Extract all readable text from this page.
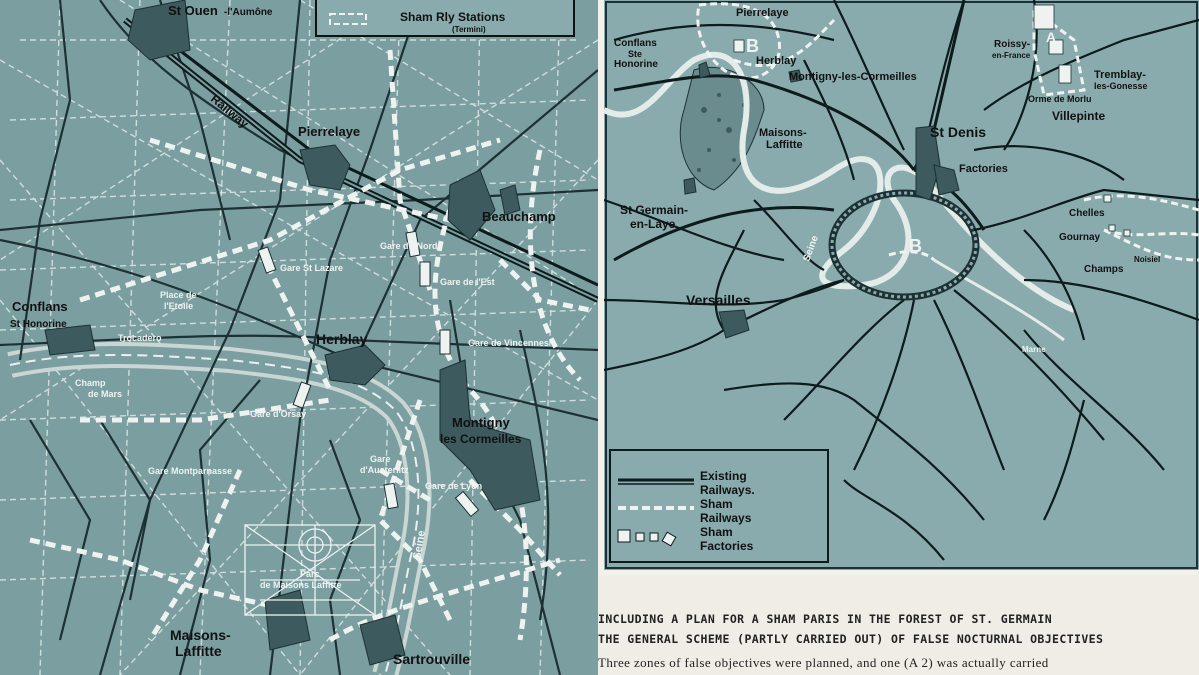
Railway
Sham Rly Stations
(Termini)
St Ouen -l'Aumône
Pierrelaye
Beauchamp
Conflans
St Honorine
Herblay
Montigny
les Cormeilles
Gare de Vincennes
Gare de Lyon
Gare
d'Austerlitz
Gare Montparnasse
Gare d'Orsay
Champ
de Mars
Trocadero
Place de
l'Etoile
Gare St Lazare
Gare du Nord
Gare de l'Est
Parc
de Maisons Laffitte
Maisons-
Laffitte	Sartrouville
Seine
B
B
A
Pierrelaye
Conflans
Ste
Honorine	Herblay
Montigny-les-Cormeilles
Maisons-
Laffitte
St Germain-
en-Laye
St Denis
Factories
Versailles
Roissy-
en-France
Tremblay-
les-Gonesse
Orme de Morlu
Villepinte
Chelles
Gournay
Champs
Noisiel
Seine
Marne
Existing
Railways.
Sham
Railways
Sham
Factories
INCLUDING A PLAN FOR A SHAM PARIS IN THE FOREST OF ST. GERMAIN
THE GENERAL SCHEME (PARTLY CARRIED OUT) OF FALSE NOCTURNAL OBJECTIVES
Three zones of false objectives were planned, and one (A 2) was actually carried
